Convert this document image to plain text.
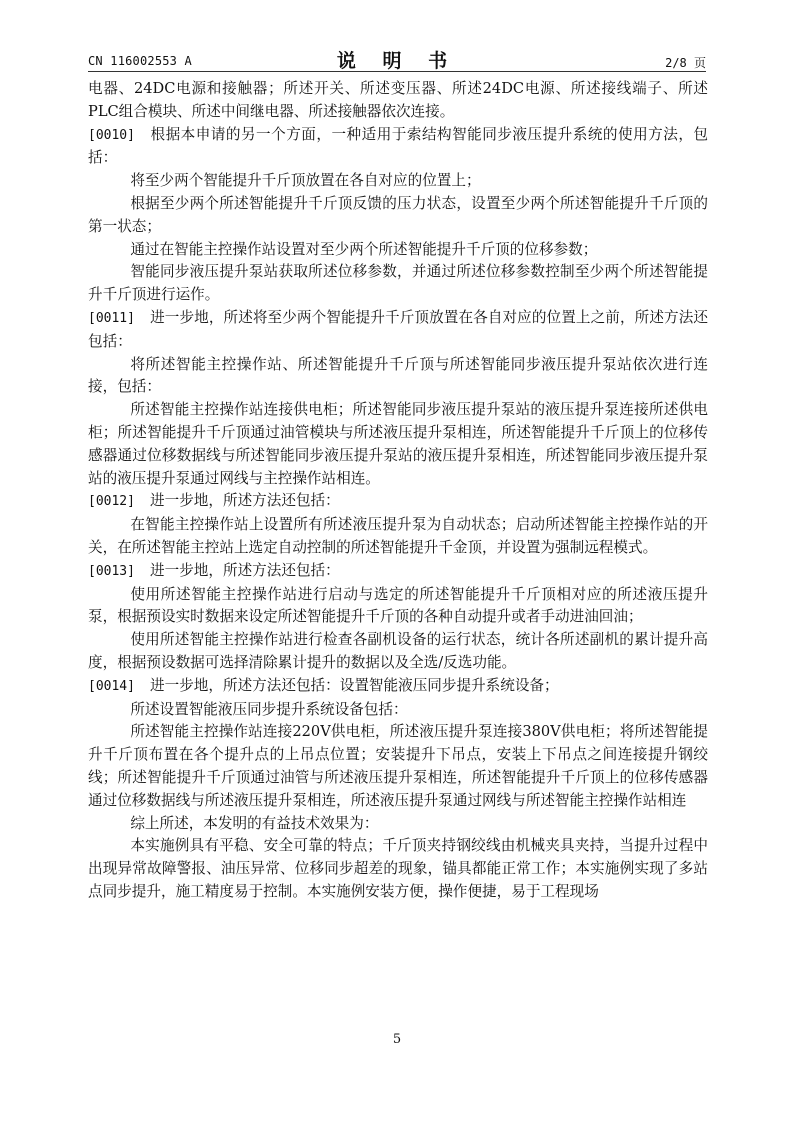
CN 116002553 A	说 明 书	2/8 页

电器、24DC电源和接触器；所述开关、所述变压器、所述24DC电源、所述接线端子、所述PLC组合模块、所述中间继电器、所述接触器依次连接。

[0010] 根据本申请的另一个方面，一种适用于索结构智能同步液压提升系统的使用方法，包括：

将至少两个智能提升千斤顶放置在各自对应的位置上；

根据至少两个所述智能提升千斤顶反馈的压力状态，设置至少两个所述智能提升千斤顶的第一状态；

通过在智能主控操作站设置对至少两个所述智能提升千斤顶的位移参数；

智能同步液压提升泵站获取所述位移参数，并通过所述位移参数控制至少两个所述智能提升千斤顶进行运作。

[0011] 进一步地，所述将至少两个智能提升千斤顶放置在各自对应的位置上之前，所述方法还包括：

将所述智能主控操作站、所述智能提升千斤顶与所述智能同步液压提升泵站依次进行连接，包括：

所述智能主控操作站连接供电柜；所述智能同步液压提升泵站的液压提升泵连接所述供电柜；所述智能提升千斤顶通过油管模块与所述液压提升泵相连，所述智能提升千斤顶上的位移传感器通过位移数据线与所述智能同步液压提升泵站的液压提升泵相连，所述智能同步液压提升泵站的液压提升泵通过网线与主控操作站相连。

[0012] 进一步地，所述方法还包括：

在智能主控操作站上设置所有所述液压提升泵为自动状态；启动所述智能主控操作站的开关，在所述智能主控站上选定自动控制的所述智能提升千金顶，并设置为强制远程模式。

[0013] 进一步地，所述方法还包括：

使用所述智能主控操作站进行启动与选定的所述智能提升千斤顶相对应的所述液压提升泵，根据预设实时数据来设定所述智能提升千斤顶的各种自动提升或者手动进油回油；

使用所述智能主控操作站进行检查各副机设备的运行状态，统计各所述副机的累计提升高度，根据预设数据可选择清除累计提升的数据以及全选/反选功能。

[0014] 进一步地，所述方法还包括：设置智能液压同步提升系统设备；

所述设置智能液压同步提升系统设备包括：

所述智能主控操作站连接220V供电柜，所述液压提升泵连接380V供电柜；将所述智能提升千斤顶布置在各个提升点的上吊点位置；安装提升下吊点，安装上下吊点之间连接提升钢绞线；所述智能提升千斤顶通过油管与所述液压提升泵相连，所述智能提升千斤顶上的位移传感器通过位移数据线与所述液压提升泵相连，所述液压提升泵通过网线与所述智能主控操作站相连

综上所述，本发明的有益技术效果为：

本实施例具有平稳、安全可靠的特点；千斤顶夹持钢绞线由机械夹具夹持，当提升过程中出现异常故障警报、油压异常、位移同步超差的现象，锚具都能正常工作；本实施例实现了多站点同步提升，施工精度易于控制。本实施例安装方便，操作便捷，易于工程现场

5
